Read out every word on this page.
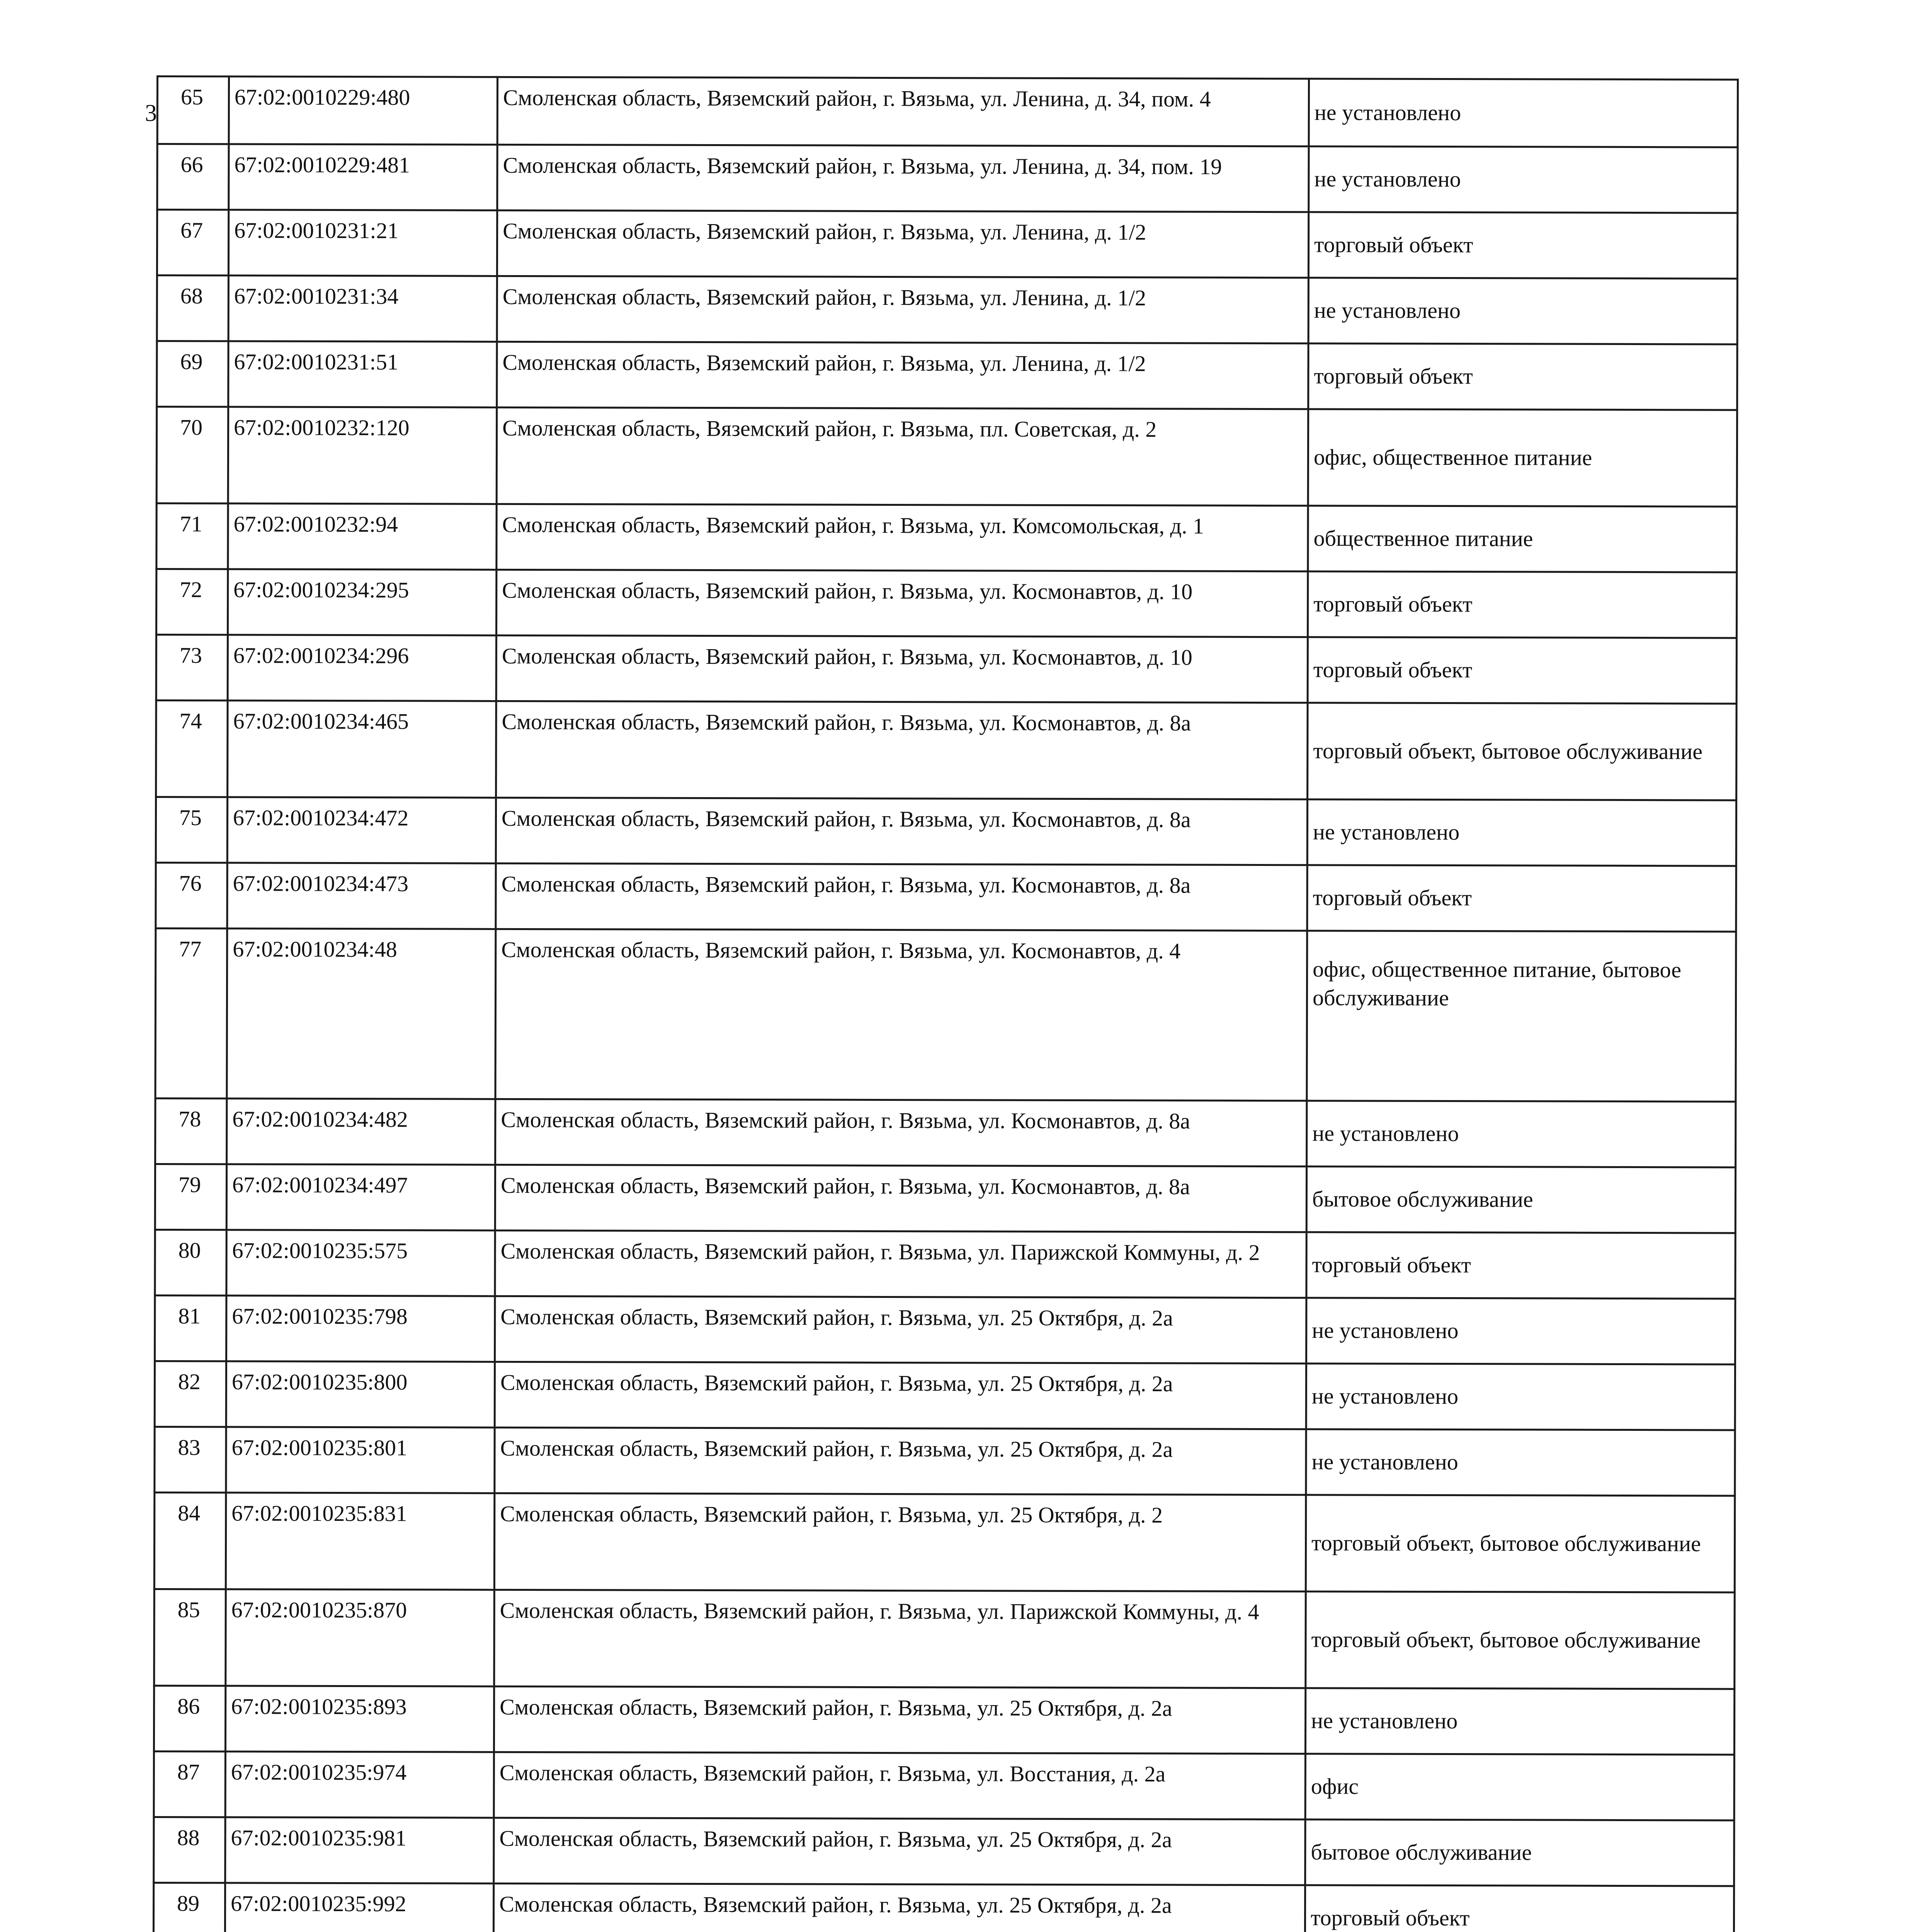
3
65	67:02:0010229:480	Смоленская область, Вяземский район, г. Вязьма, ул. Ленина, д. 34, пом. 4	не установлено
66	67:02:0010229:481	Смоленская область, Вяземский район, г. Вязьма, ул. Ленина, д. 34, пом. 19	не установлено
67	67:02:0010231:21	Смоленская область, Вяземский район, г. Вязьма, ул. Ленина, д. 1/2	торговый объект
68	67:02:0010231:34	Смоленская область, Вяземский район, г. Вязьма, ул. Ленина, д. 1/2	не установлено
69	67:02:0010231:51	Смоленская область, Вяземский район, г. Вязьма, ул. Ленина, д. 1/2	торговый объект
70	67:02:0010232:120	Смоленская область, Вяземский район, г. Вязьма, пл. Советская, д. 2	офис, общественное питание
71	67:02:0010232:94	Смоленская область, Вяземский район, г. Вязьма, ул. Комсомольская, д. 1	общественное питание
72	67:02:0010234:295	Смоленская область, Вяземский район, г. Вязьма, ул. Космонавтов, д. 10	торговый объект
73	67:02:0010234:296	Смоленская область, Вяземский район, г. Вязьма, ул. Космонавтов, д. 10	торговый объект
74	67:02:0010234:465	Смоленская область, Вяземский район, г. Вязьма, ул. Космонавтов, д. 8а	торговый объект, бытовое обслуживание
75	67:02:0010234:472	Смоленская область, Вяземский район, г. Вязьма, ул. Космонавтов, д. 8а	не установлено
76	67:02:0010234:473	Смоленская область, Вяземский район, г. Вязьма, ул. Космонавтов, д. 8а	торговый объект
77	67:02:0010234:48	Смоленская область, Вяземский район, г. Вязьма, ул. Космонавтов, д. 4	офис, общественное питание, бытовое обслуживание
78	67:02:0010234:482	Смоленская область, Вяземский район, г. Вязьма, ул. Космонавтов, д. 8а	не установлено
79	67:02:0010234:497	Смоленская область, Вяземский район, г. Вязьма, ул. Космонавтов, д. 8а	бытовое обслуживание
80	67:02:0010235:575	Смоленская область, Вяземский район, г. Вязьма, ул. Парижской Коммуны, д. 2	торговый объект
81	67:02:0010235:798	Смоленская область, Вяземский район, г. Вязьма, ул. 25 Октября, д. 2а	не установлено
82	67:02:0010235:800	Смоленская область, Вяземский район, г. Вязьма, ул. 25 Октября, д. 2а	не установлено
83	67:02:0010235:801	Смоленская область, Вяземский район, г. Вязьма, ул. 25 Октября, д. 2а	не установлено
84	67:02:0010235:831	Смоленская область, Вяземский район, г. Вязьма, ул. 25 Октября, д. 2	торговый объект, бытовое обслуживание
85	67:02:0010235:870	Смоленская область, Вяземский район, г. Вязьма, ул. Парижской Коммуны, д. 4	торговый объект, бытовое обслуживание
86	67:02:0010235:893	Смоленская область, Вяземский район, г. Вязьма, ул. 25 Октября, д. 2а	не установлено
87	67:02:0010235:974	Смоленская область, Вяземский район, г. Вязьма, ул. Восстания, д. 2а	офис
88	67:02:0010235:981	Смоленская область, Вяземский район, г. Вязьма, ул. 25 Октября, д. 2а	бытовое обслуживание
89	67:02:0010235:992	Смоленская область, Вяземский район, г. Вязьма, ул. 25 Октября, д. 2а	торговый объект
